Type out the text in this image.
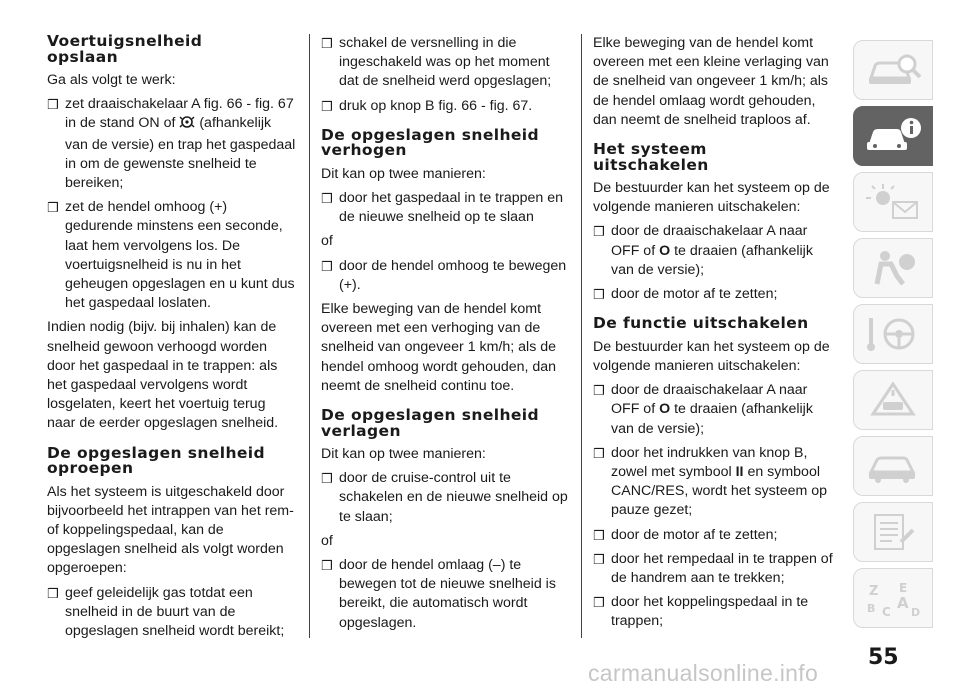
Voertuigsnelheid
opslaan

Ga als volgt te werk:

❒ zet draaischakelaar A fig. 66 - fig. 67 in de stand ON of (afhankelijk van de versie) en trap het gaspedaal in om de gewenste snelheid te bereiken;
❒ zet de hendel omhoog (+) gedurende minstens een seconde, laat hem vervolgens los. De voertuigsnelheid is nu in het geheugen opgeslagen en u kunt dus het gaspedaal loslaten.

Indien nodig (bijv. bij inhalen) kan de snelheid gewoon verhoogd worden door het gaspedaal in te trappen: als het gaspedaal vervolgens wordt losgelaten, keert het voertuig terug naar de eerder opgeslagen snelheid.

De opgeslagen snelheid
oproepen

Als het systeem is uitgeschakeld door bijvoorbeeld het intrappen van het rem- of koppelingspedaal, kan de opgeslagen snelheid als volgt worden opgeroepen:

❒ geef geleidelijk gas totdat een snelheid in de buurt van de opgeslagen snelheid wordt bereikt;
❒ schakel de versnelling in die ingeschakeld was op het moment dat de snelheid werd opgeslagen;
❒ druk op knop B fig. 66 - fig. 67.
De opgeslagen snelheid
verhogen

Dit kan op twee manieren:

❒ door het gaspedaal in te trappen en de nieuwe snelheid op te slaan

of

❒ door de hendel omhoog te bewegen (+).

Elke beweging van de hendel komt overeen met een verhoging van de snelheid van ongeveer 1 km/h; als de hendel omhoog wordt gehouden, dan neemt de snelheid continu toe.

De opgeslagen snelheid
verlagen

Dit kan op twee manieren:

❒ door de cruise-control uit te schakelen en de nieuwe snelheid op te slaan;

of

❒ door de hendel omlaag (–) te bewegen tot de nieuwe snelheid is bereikt, die automatisch wordt opgeslagen.

Elke beweging van de hendel komt overeen met een kleine verlaging van de snelheid van ongeveer 1 km/h; als de hendel omlaag wordt gehouden, dan neemt de snelheid traploos af.

Het systeem
uitschakelen

De bestuurder kan het systeem op de volgende manieren uitschakelen:

❒ door de draaischakelaar A naar OFF of O te draaien (afhankelijk van de versie);
❒ door de motor af te zetten;
De functie uitschakelen

De bestuurder kan het systeem op de volgende manieren uitschakelen:

❒ door de draaischakelaar A naar OFF of O te draaien (afhankelijk van de versie);
❒ door het indrukken van knop B, zowel met symbool II en symbool CANC/RES, wordt het systeem op pauze gezet;
❒ door de motor af te zetten;
❒ door het rempedaal in te trappen of de handrem aan te trekken;
❒ door het koppelingspedaal in te trappen;
Z E
B A
C D
55
carmanualsonline.info
